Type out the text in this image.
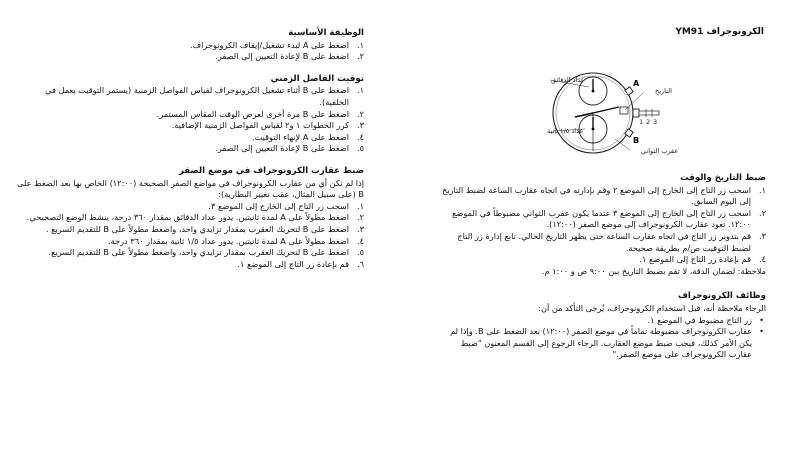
الوظيفة الأساسية

١.
اضغط على A لبدء تشغيل/إيقاف الكرونوجراف.
٢.
اضغط على B لإعادة التعيين إلى الصفر.

توقيت الفاصل الزمني

١.
اضغط على B أثناء تشغيل الكرونوجراف لقياس الفواصل الزمنية (يستمر التوقيت يعمل في الخلفية).
٢.
اضغط على B مرة أخرى لعرض الوقت المقاس المستمر.
٣.
كرر الخطوات ١ و٢ لقياس الفواصل الزمنية الإضافية.
٤.
اضغط على A لإنهاء التوقيت.
٥.
اضغط على B لإعادة التعيين إلى الصفر.

ضبط عقارب الكرونوجراف في موضع الصفر

إذا لم تكن أي من عقارب الكرونوجراف في مواضع الصفر الصحيحة (١٢:٠٠) الخاص بها بعد الضغط على B (على سبيل المثال، عقب تغيير البطارية):

١.
اسحب زر التاج إلى الخارج إلى الموضع ٣.
٢.
اضغط مطولاً على A لمدة ثانيتين. يدور عداد الدقائق بمقدار ٣٦٠ درجة، ينشط الوضع التصحيحي.
٣.
اضغط على B لتحريك العقرب بمقدار تزايدي واحد، واضغط مطولاً على B للتقديم السريع .
٤.
اضغط مطولاً على A لمدة ثانيتين. يدور عداد ١/٥ ثانية بمقدار ٣٦٠ درجة.
٥.
اضغط على B لتحريك العقرب بمقدار تزايدي واحد، واضغط مطولاً على B للتقديم السريع.
٦.
قم بإعادة زر التاج إلى الموضع ١.
الكرونوجراف YM91
عداد الدقائق
التاريخ
عداد ١/٥ ثانية
عقرب الثواني
A
B
1 2 3

ضبط التاريخ والوقت

١.
اسحب زر التاج إلى الخارج إلى الموضع ٢ وقم بإدارته في اتجاه عقارب الساعة لضبط التاريخ إلى اليوم السابق.
٢.
اسحب زر التاج إلى الخارج إلى الموضع ٣ عندما يكون عقرب الثواني مضبوطاً في الموضع ١٢:٠٠. تعود عقارب الكرونوجراف إلى موضع الصفر (١٢:٠٠).
٣.
قم بتدوير زر التاج في اتجاه عقارب الساعة حتى يظهر التاريخ الحالي. تابع إدارة زر التاج لضبط التوقيت ص/م بطريقة صحيحة.
٤.
قم بإعادة زر التاج إلى الموضع ١.

ملاحظة: لضمان الدقة، لا تقم بضبط التاريخ بين ٩:٠٠ ص و ١:٠٠ م.

وظائف الكرونوجراف

الرجاء ملاحظة أنه، قبل استخدام الكرونوجراف، يُرجى التأكد من أن:

•
زر التاج مضبوط في الموضع ١.
•
عقارب الكرونوجراف مضبوطة تماماً في موضع الصفر (١٢:٠٠) بعد الضغط على B. وإذا لم يكن الأمر كذلك، فيجب ضبط موضع العقارب. الرجاء الرجوع إلى القسم المعنون "ضبط عقارب الكرونوجراف على موضع الصفر."
